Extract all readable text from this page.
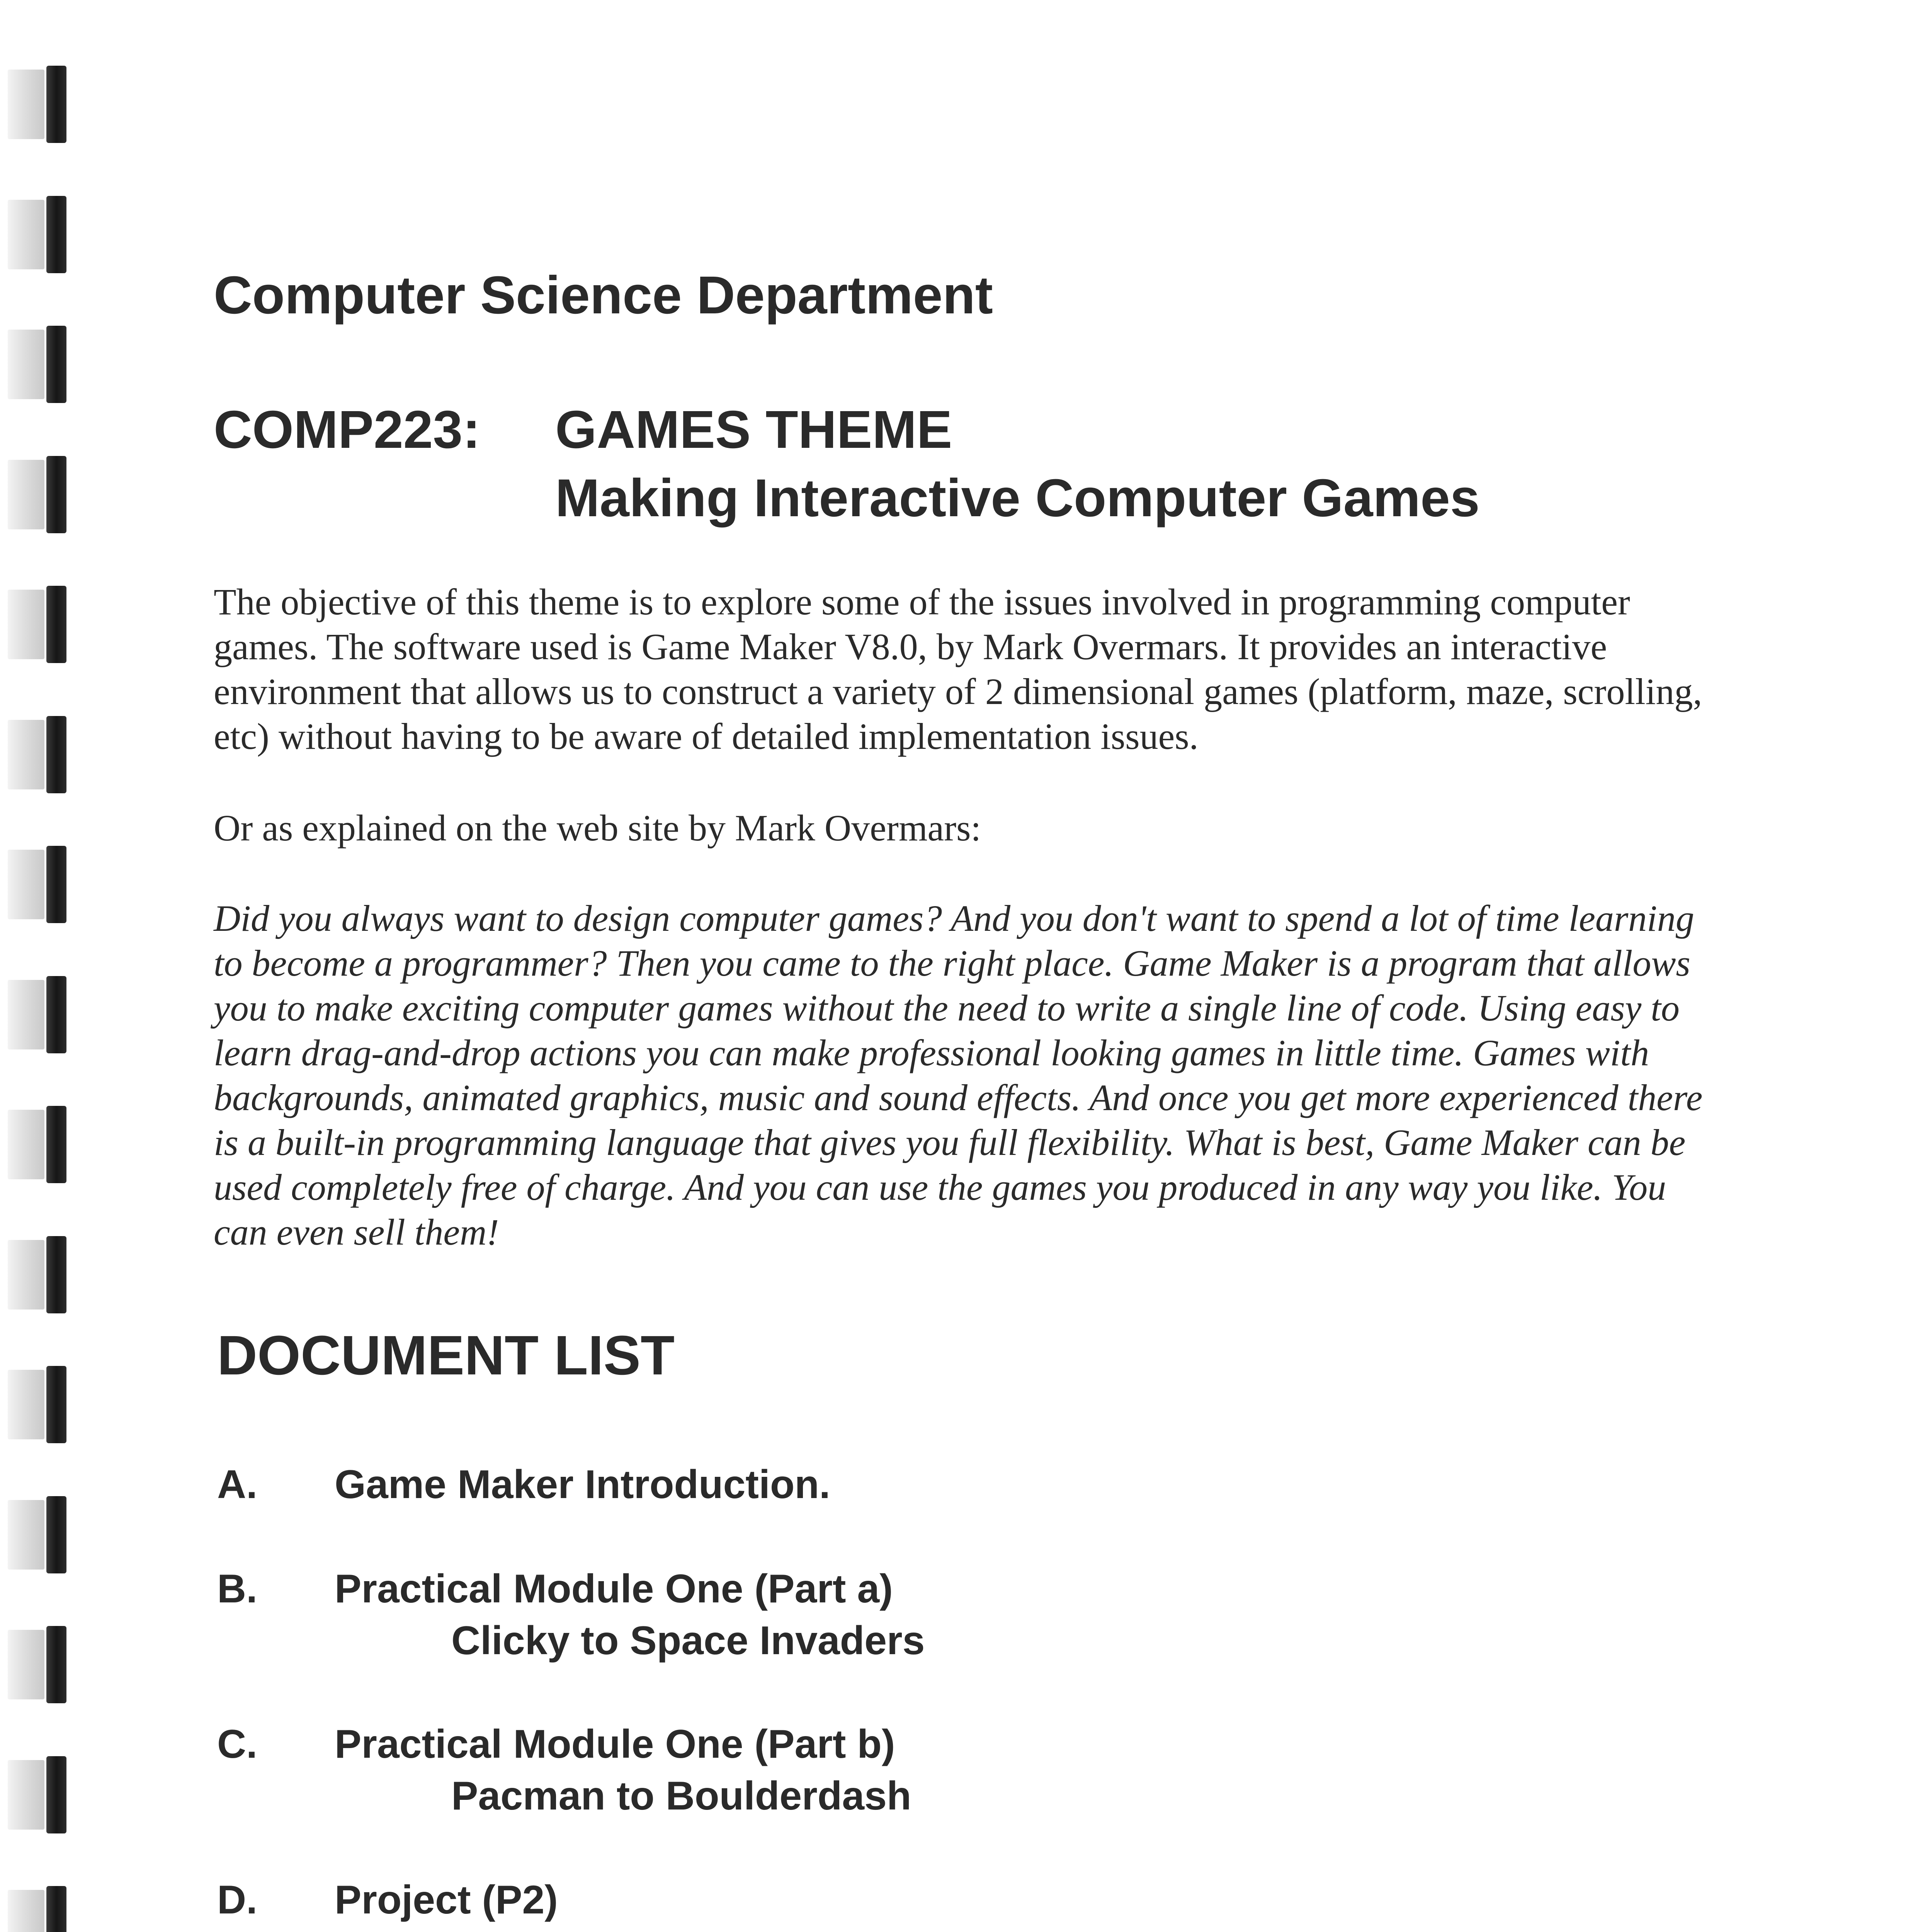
Computer Science Department
COMP223: GAMES THEME
Making Interactive Computer Games

The objective of this theme is to explore some of the issues involved in programming computer games. The software used is Game Maker V8.0, by Mark Overmars. It provides an interactive environment that allows us to construct a variety of 2 dimensional games (platform, maze, scrolling, etc) without having to be aware of detailed implementation issues.

Or as explained on the web site by Mark Overmars:

Did you always want to design computer games? And you don't want to spend a lot of time learning to become a programmer? Then you came to the right place. Game Maker is a program that allows you to make exciting computer games without the need to write a single line of code. Using easy to learn drag-and-drop actions you can make professional looking games in little time. Games with backgrounds, animated graphics, music and sound effects. And once you get more experienced there is a built-in programming language that gives you full flexibility. What is best, Game Maker can be used completely free of charge. And you can use the games you produced in any way you like. You can even sell them!

DOCUMENT LIST
A. Game Maker Introduction.
B. Practical Module One (Part a)
Clicky to Space Invaders
C. Practical Module One (Part b)
Pacman to Boulderdash
D. Project (P2)
